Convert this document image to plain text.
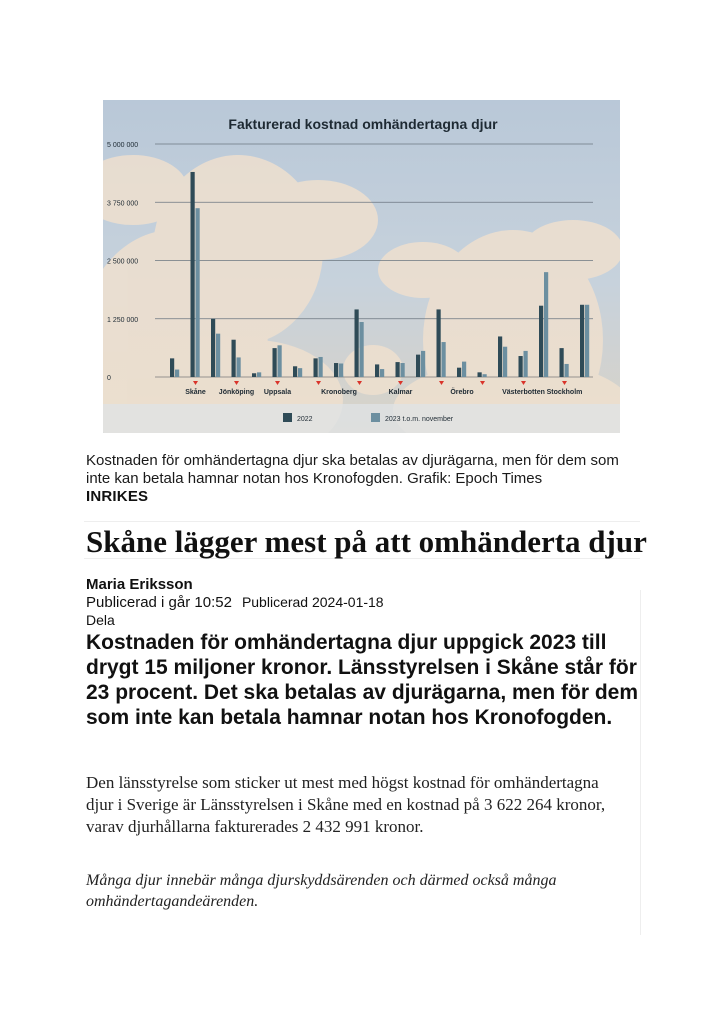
Fakturerad kostnad omhändertagna djur
5 000 000
3 750 000
2 500 000
1 250 000
0
Skåne Jönköping Uppsala	Kronoberg	Kalmar	Örebro	Västerbotten Stockholm
2022	2023 t.o.m. november
Kostnaden för omhändertagna djur ska betalas av djurägarna, men för dem som inte kan betala hamnar notan hos Kronofogden. Grafik: Epoch Times
INRIKES
Skåne lägger mest på att omhänderta djur
Maria Eriksson
Publicerad i går 10:52 Publicerad 2024-01-18
Dela

Kostnaden för omhändertagna djur uppgick 2023 till drygt 15 miljoner kronor. Länsstyrelsen i Skåne står för 23 procent. Det ska betalas av djurägarna, men för dem som inte kan betala hamnar notan hos Kronofogden.

Den länsstyrelse som sticker ut mest med högst kostnad för omhändertagna djur i Sverige är Länsstyrelsen i Skåne med en kostnad på 3 622 264 kronor, varav djurhållarna fakturerades 2 432 991 kronor.

Många djur innebär många djurskyddsärenden och därmed också många omhändertagandeärenden.
